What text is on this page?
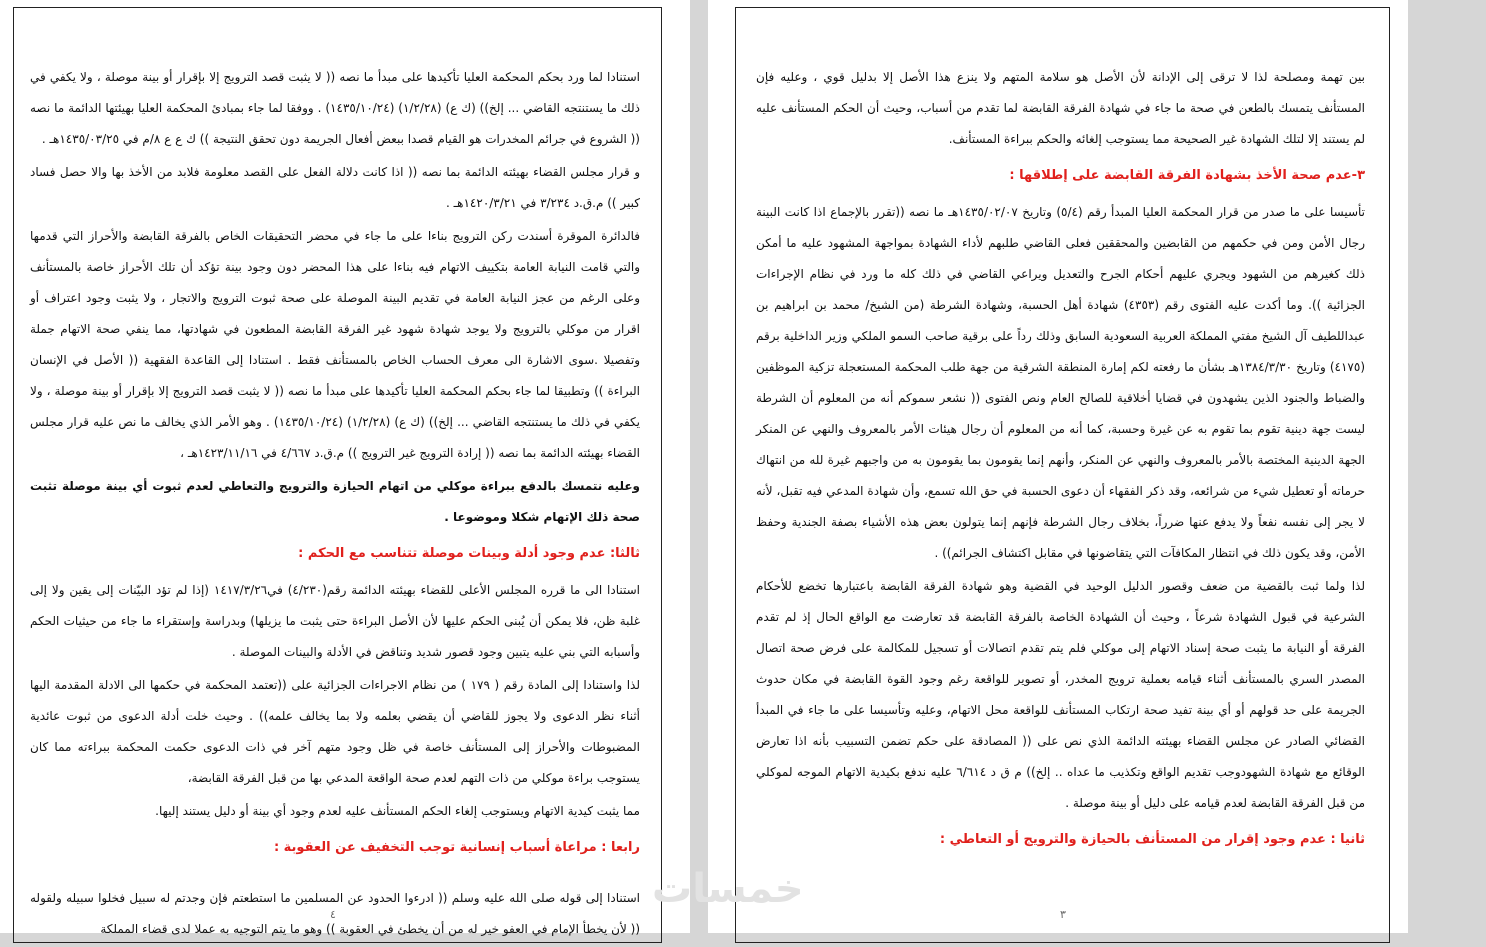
استنادا لما ورد بحكم المحكمة العليا تأكيدها على مبدأ ما نصه (( لا يثبت قصد الترويج إلا بإقرار أو بينة موصلة ، ولا يكفي في ذلك ما يستنتجه القاضي ... إلخ)) (ك ع) (١/٢/٢٨) (١٤٣٥/١٠/٢٤) . ووفقا لما جاء بمبادئ المحكمة العليا بهيئتها الدائمة ما نصه (( الشروع في جرائم المخدرات هو القيام قصدا ببعض أفعال الجريمة دون تحقق النتيجة )) ك ع ع ٨/م في ١٤٣٥/٠٣/٢٥هـ .

و قرار مجلس القضاء بهيئته الدائمة بما نصه (( اذا كانت دلالة الفعل على القصد معلومة فلابد من الأخذ بها والا حصل فساد كبير )) م.ق.د ٣/٢٣٤ في ١٤٢٠/٣/٢١هـ .

فالدائرة الموقرة أسندت ركن الترويج بناءا على ما جاء في محضر التحقيقات الخاص بالفرقة القابضة والأحراز التي قدمها والتي قامت النيابة العامة بتكييف الاتهام فيه بناءا على هذا المحضر دون وجود بينة تؤكد أن تلك الأحراز خاصة بالمستأنف وعلى الرغم من عجز النيابة العامة في تقديم البينة الموصلة على صحة ثبوت الترويج والاتجار ، ولا يثبت وجود اعتراف أو اقرار من موكلي بالترويج ولا يوجد شهادة شهود غير الفرقة القابضة المطعون في شهادتها، مما ينفي صحة الاتهام جملة وتفصيلا .سوى الاشارة الى معرف الحساب الخاص بالمستأنف فقط . استنادا إلى القاعدة الفقهية (( الأصل في الإنسان البراءة )) وتطبيقا لما جاء بحكم المحكمة العليا تأكيدها على مبدأ ما نصه (( لا يثبت قصد الترويج إلا بإقرار أو بينة موصلة ، ولا يكفي في ذلك ما يستنتجه القاضي ... إلخ)) (ك ع) (١/٢/٢٨) (١٤٣٥/١٠/٢٤) . وهو الأمر الذي يخالف ما نص عليه قرار مجلس القضاء بهيئته الدائمة بما نصه (( إرادة الترويج غير الترويج )) م.ق.د ٤/٦٦٧ في ١٤٢٣/١١/١٦هـ ،

وعليه نتمسك بالدفع ببراءة موكلي من اتهام الحيازة والترويج والتعاطي لعدم ثبوت أي بينة موصلة تثبت صحة ذلك الإتهام شكلا وموضوعا .

ثالثا: عدم وجود أدلة وبينات موصلة تتناسب مع الحكم :

استنادا الى ما قرره المجلس الأعلى للقضاء بهيئته الدائمة رقم(٤/٢٣٠) في١٤١٧/٣/٢٦ (إذا لم تؤد البيّنات إلى يقين ولا إلى غلبة ظن، فلا يمكن أن يُبنى الحكم عليها لأن الأصل البراءة حتى يثبت ما يزيلها) وبدراسة وإستقراء ما جاء من حيثيات الحكم وأسبابه التي بني عليه يتبين وجود قصور شديد وتناقض في الأدلة والبينات الموصلة .

لذا واستنادا إلى المادة رقم ( ١٧٩ ) من نظام الاجراءات الجزائية على ((تعتمد المحكمة في حكمها الى الادلة المقدمة اليها أثناء نظر الدعوى ولا يجوز للقاضي أن يقضي بعلمه ولا بما يخالف علمه)) . وحيث خلت أدلة الدعوى من ثبوت عائدية المضبوطات والأحراز إلى المستأنف خاصة في ظل وجود متهم آخر في ذات الدعوى حكمت المحكمة ببراءته مما كان يستوجب براءة موكلي من ذات التهم لعدم صحة الواقعة المدعي بها من قبل الفرقة القابضة،

مما يثبت كيدية الاتهام ويستوجب إلغاء الحكم المستأنف عليه لعدم وجود أي بينة أو دليل يستند إليها.

رابعا : مراعاة أسباب إنسانية توجب التخفيف عن العقوبة :

استنادا إلى قوله صلى الله عليه وسلم (( ادرءوا الحدود عن المسلمين ما استطعتم فإن وجدتم له سبيل فخلوا سبيله ولقوله (( لأن يخطأ الإمام في العفو خير له من أن يخطئ في العقوبة )) وهو ما يتم التوجيه به عملا لدى قضاء المملكة

٤

بين تهمة ومصلحة لذا لا ترقى إلى الإدانة لأن الأصل هو سلامة المتهم ولا ينزع هذا الأصل إلا بدليل قوي ، وعليه فإن المستأنف يتمسك بالطعن في صحة ما جاء في شهادة الفرقة القابضة لما تقدم من أسباب، وحيث أن الحكم المستأنف عليه لم يستند إلا لتلك الشهادة غير الصحيحة مما يستوجب إلغائه والحكم ببراءة المستأنف.

٣-عدم صحة الأخذ بشهادة الفرقة القابضة على إطلاقها :

تأسيسا على ما صدر من قرار المحكمة العليا المبدأ رقم (٥/٤) وتاريخ ١٤٣٥/٠٢/٠٧هـ ما نصه ((تقرر بالإجماع اذا كانت البينة رجال الأمن ومن في حكمهم من القابضين والمحققين فعلى القاضي طلبهم لأداء الشهادة بمواجهة المشهود عليه ما أمكن ذلك كغيرهم من الشهود ويجري عليهم أحكام الجرح والتعديل ويراعي القاضي في ذلك كله ما ورد في نظام الإجراءات الجزائية )). وما أكدت عليه الفتوى رقم (٤٣٥٣) شهادة أهل الحسبة، وشهادة الشرطة (من الشيخ/ محمد بن ابراهيم بن عبداللطيف آل الشيخ مفتي المملكة العربية السعودية السابق وذلك رداً على برقية صاحب السمو الملكي وزير الداخلية برقم (٤١٧٥) وتاريخ ١٣٨٤/٣/٣٠هـ بشأن ما رفعته لكم إمارة المنطقة الشرقية من جهة طلب المحكمة المستعجلة تزكية الموظفين والضباط والجنود الذين يشهدون في قضايا أخلاقية للصالح العام ونص الفتوى (( نشعر سموكم أنه من المعلوم أن الشرطة ليست جهة دينية تقوم بما تقوم به عن غيرة وحسبة، كما أنه من المعلوم أن رجال هيئات الأمر بالمعروف والنهي عن المنكر الجهة الدينية المختصة بالأمر بالمعروف والنهي عن المنكر، وأنهم إنما يقومون بما يقومون به من واجبهم غيرة لله من انتهاك حرماته أو تعطيل شيء من شرائعه، وقد ذكر الفقهاء أن دعوى الحسبة في حق الله تسمع، وأن شهادة المدعي فيه تقبل، لأنه لا يجر إلى نفسه نفعاً ولا يدفع عنها ضرراً، بخلاف رجال الشرطة فإنهم إنما يتولون بعض هذه الأشياء بصفة الجندية وحفظ الأمن، وقد يكون ذلك في انتظار المكافآت التي يتقاضونها في مقابل اكتشاف الجرائم)) .

لذا ولما ثبت بالقضية من ضعف وقصور الدليل الوحيد في القضية وهو شهادة الفرقة القابضة باعتبارها تخضع للأحكام الشرعية في قبول الشهادة شرعاً ، وحيث أن الشهادة الخاصة بالفرقة القابضة قد تعارضت مع الواقع الحال إذ لم تقدم الفرقة أو النيابة ما يثبت صحة إسناد الاتهام إلى موكلي فلم يتم تقدم اتصالات أو تسجيل للمكالمة على فرض صحة اتصال المصدر السري بالمستأنف أثناء قيامه بعملية ترويج المخدر، أو تصوير للواقعة رغم وجود القوة القابضة في مكان حدوث الجريمة على حد قولهم أو أي بينة تفيد صحة ارتكاب المستأنف للواقعة محل الاتهام، وعليه وتأسيسا على ما جاء في المبدأ القضائي الصادر عن مجلس القضاء بهيئته الدائمة الذي نص على (( المصادقة على حكم تضمن التسبيب بأنه اذا تعارض الوقائع مع شهادة الشهودوجب تقديم الواقع وتكذيب ما عداه .. إلخ)) م ق د ٦/٦١٤ عليه ندفع بكيدية الاتهام الموجه لموكلي من قبل الفرقة القابضة لعدم قيامه على دليل أو بينة موصلة .

ثانيا : عدم وجود إقرار من المستأنف بالحيازة والترويج أو التعاطي :

٣
خمسات
